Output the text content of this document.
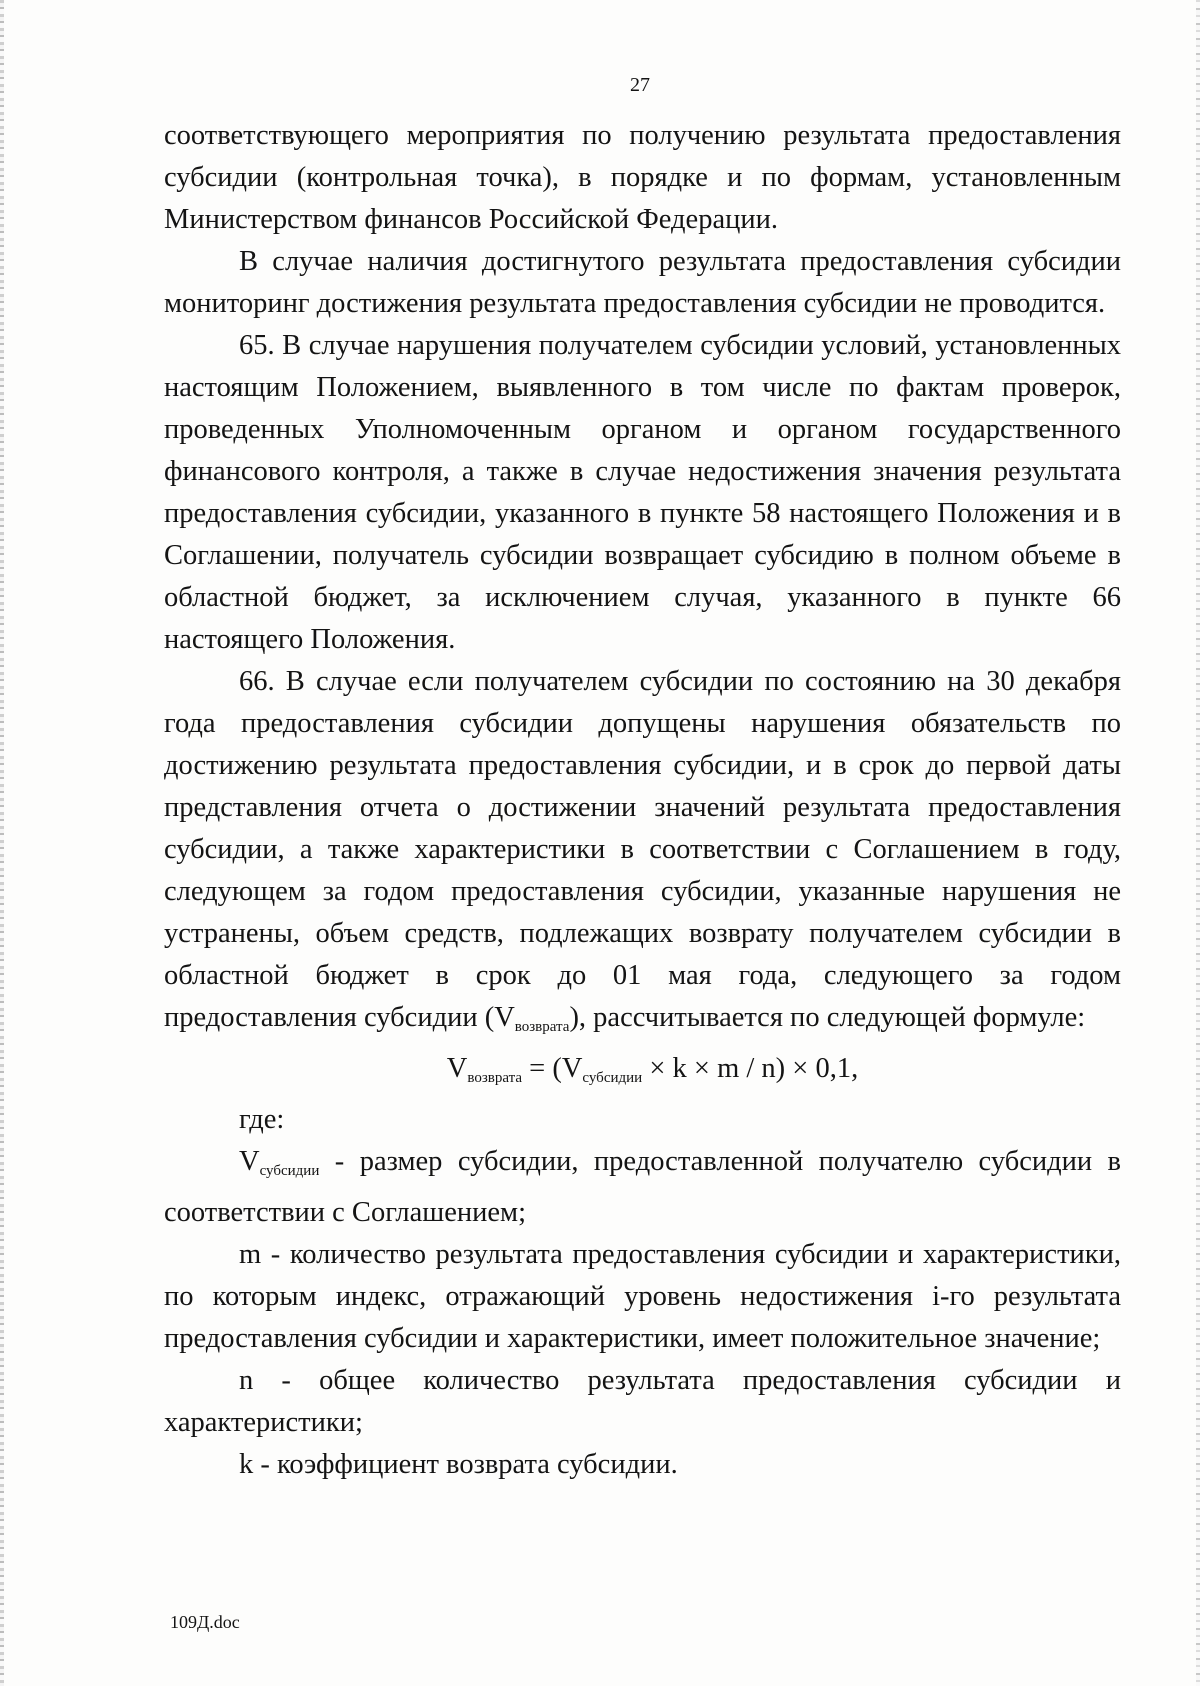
27

соответствующего мероприятия по получению результата предоставления субсидии (контрольная точка), в порядке и по формам, установленным Министерством финансов Российской Федерации.

В случае наличия достигнутого результата предоставления субсидии мониторинг достижения результата предоставления субсидии не проводится.

65. В случае нарушения получателем субсидии условий, установленных настоящим Положением, выявленного в том числе по фактам проверок, проведенных Уполномоченным органом и органом государственного финансового контроля, а также в случае недостижения значения результата предоставления субсидии, указанного в пункте 58 настоящего Положения и в Соглашении, получатель субсидии возвращает субсидию в полном объеме в областной бюджет, за исключением случая, указанного в пункте 66 настоящего Положения.

66. В случае если получателем субсидии по состоянию на 30 декабря года предоставления субсидии допущены нарушения обязательств по достижению результата предоставления субсидии, и в срок до первой даты представления отчета о достижении значений результата предоставления субсидии, а также характеристики в соответствии с Соглашением в году, следующем за годом предоставления субсидии, указанные нарушения не устранены, объем средств, подлежащих возврату получателем субсидии в областной бюджет в срок до 01 мая года, следующего за годом предоставления субсидии $(V_{возврата})$, рассчитывается по следующей формуле:

$V_{возврата} = (V_{субсидии} \times k \times m / n) \times 0,1$,

где:

$V_{субсидии}$ - размер субсидии, предоставленной получателю субсидии в соответствии с Соглашением;

m - количество результата предоставления субсидии и характеристики, по которым индекс, отражающий уровень недостижения i-го результата предоставления субсидии и характеристики, имеет положительное значение;

n - общее количество результата предоставления субсидии и характеристики;

k - коэффициент возврата субсидии.

109Д.doc
